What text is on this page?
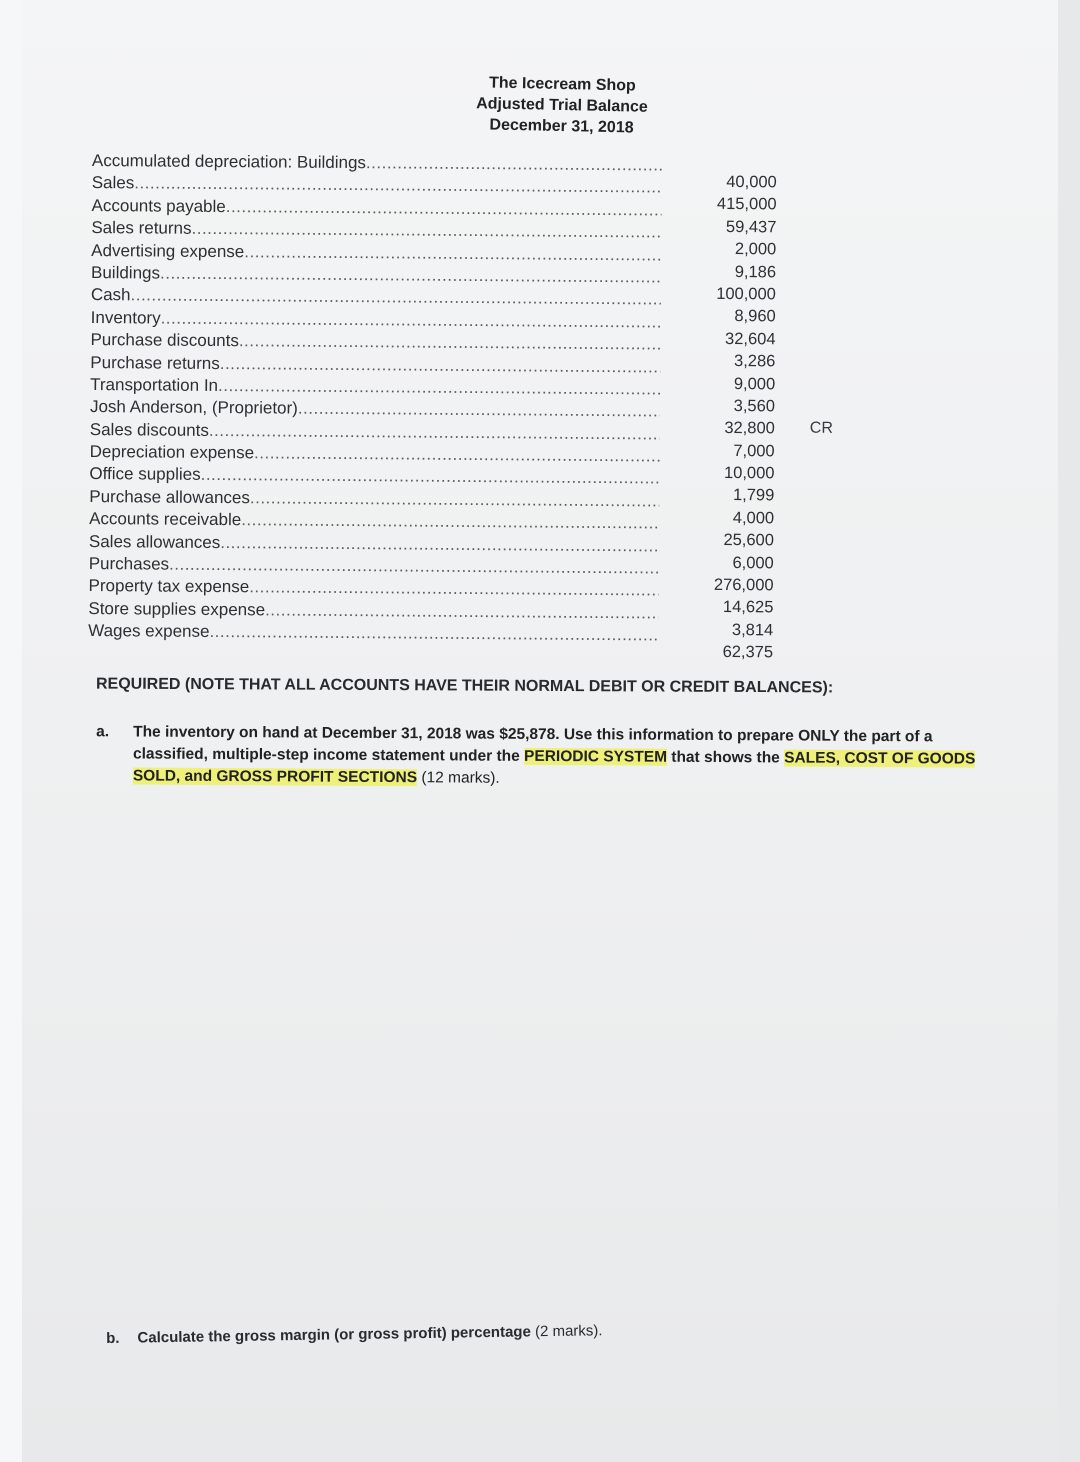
The Icecream Shop
Adjusted Trial Balance
December 31, 2018
Accumulated depreciation: Buildings .....
40,000
Sales .....
415,000
Accounts payable .....
59,437
Sales returns .....
2,000
Advertising expense .....
9,186
Buildings .....
100,000
Cash .....
8,960
Inventory .....
32,604
Purchase discounts .....
3,286
Purchase returns .....
9,000
Transportation In .....
3,560
Josh Anderson, (Proprietor) .....
32,800 CR
Sales discounts .....
7,000
Depreciation expense .....
10,000
Office supplies .....
1,799
Purchase allowances .....
4,000
Accounts receivable .....
25,600
Sales allowances .....
6,000
Purchases .....
276,000
Property tax expense .....
14,625
Store supplies expense .....
3,814
Wages expense .....
62,375
REQUIRED (NOTE THAT ALL ACCOUNTS HAVE THEIR NORMAL DEBIT OR CREDIT BALANCES):
a. The inventory on hand at December 31, 2018 was $25,878. Use this information to prepare ONLY the part of a classified, multiple-step income statement under the PERIODIC SYSTEM that shows the SALES, COST OF GOODS SOLD, and GROSS PROFIT SECTIONS (12 marks).
b. Calculate the gross margin (or gross profit) percentage (2 marks).
